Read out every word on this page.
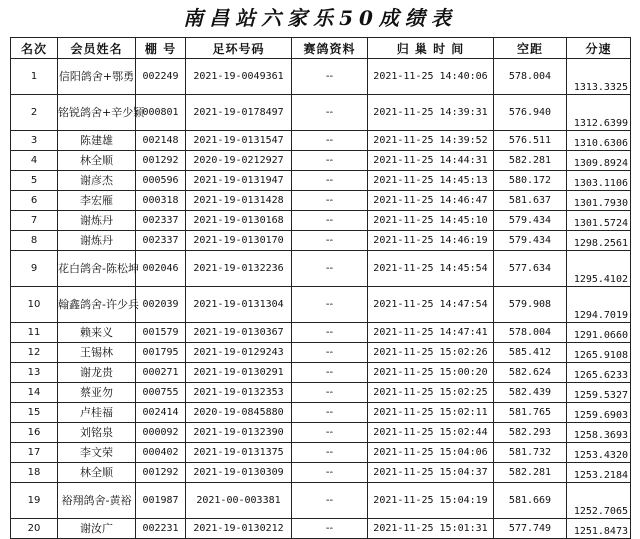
南昌站六家乐50成绩表
名次	会员姓名	棚 号	足环号码	赛鸽资料	归 巢 时 间	空距	分速
1	信阳鸽舍+鄂勇	002249	2021-19-0049361	--	2021-11-25 14:40:06	578.004	1313.3325
2	铭锐鸽舍+辛少颖	000801	2021-19-0178497	--	2021-11-25 14:39:31	576.940	1312.6399
3	陈建雄	002148	2021-19-0131547	--	2021-11-25 14:39:52	576.511	1310.6306
4	林全顺	001292	2020-19-0212927	--	2021-11-25 14:44:31	582.281	1309.8924
5	谢彦杰	000596	2021-19-0131947	--	2021-11-25 14:45:13	580.172	1303.1106
6	李宏雁	000318	2021-19-0131428	--	2021-11-25 14:46:47	581.637	1301.7930
7	谢炼丹	002337	2021-19-0130168	--	2021-11-25 14:45:10	579.434	1301.5724
8	谢炼丹	002337	2021-19-0130170	--	2021-11-25 14:46:19	579.434	1298.2561
9	花白鸽舍-陈松坤	002046	2021-19-0132236	--	2021-11-25 14:45:54	577.634	1295.4102
10	翰鑫鸽舍-许少兵	002039	2021-19-0131304	--	2021-11-25 14:47:54	579.908	1294.7019
11	赖来义	001579	2021-19-0130367	--	2021-11-25 14:47:41	578.004	1291.0660
12	王锡林	001795	2021-19-0129243	--	2021-11-25 15:02:26	585.412	1265.9108
13	谢龙贵	000271	2021-19-0130291	--	2021-11-25 15:00:20	582.624	1265.6233
14	蔡亚勿	000755	2021-19-0132353	--	2021-11-25 15:02:25	582.439	1259.5327
15	卢桂福	002414	2020-19-0845880	--	2021-11-25 15:02:11	581.765	1259.6903
16	刘铭泉	000092	2021-19-0132390	--	2021-11-25 15:02:44	582.293	1258.3693
17	李文荣	000402	2021-19-0131375	--	2021-11-25 15:04:06	581.732	1253.4320
18	林全顺	001292	2021-19-0130309	--	2021-11-25 15:04:37	582.281	1253.2184
19	裕翔鸽舍-黄裕	001987	2021-00-003381	--	2021-11-25 15:04:19	581.669	1252.7065
20	谢汝广	002231	2021-19-0130212	--	2021-11-25 15:01:31	577.749	1251.8473
